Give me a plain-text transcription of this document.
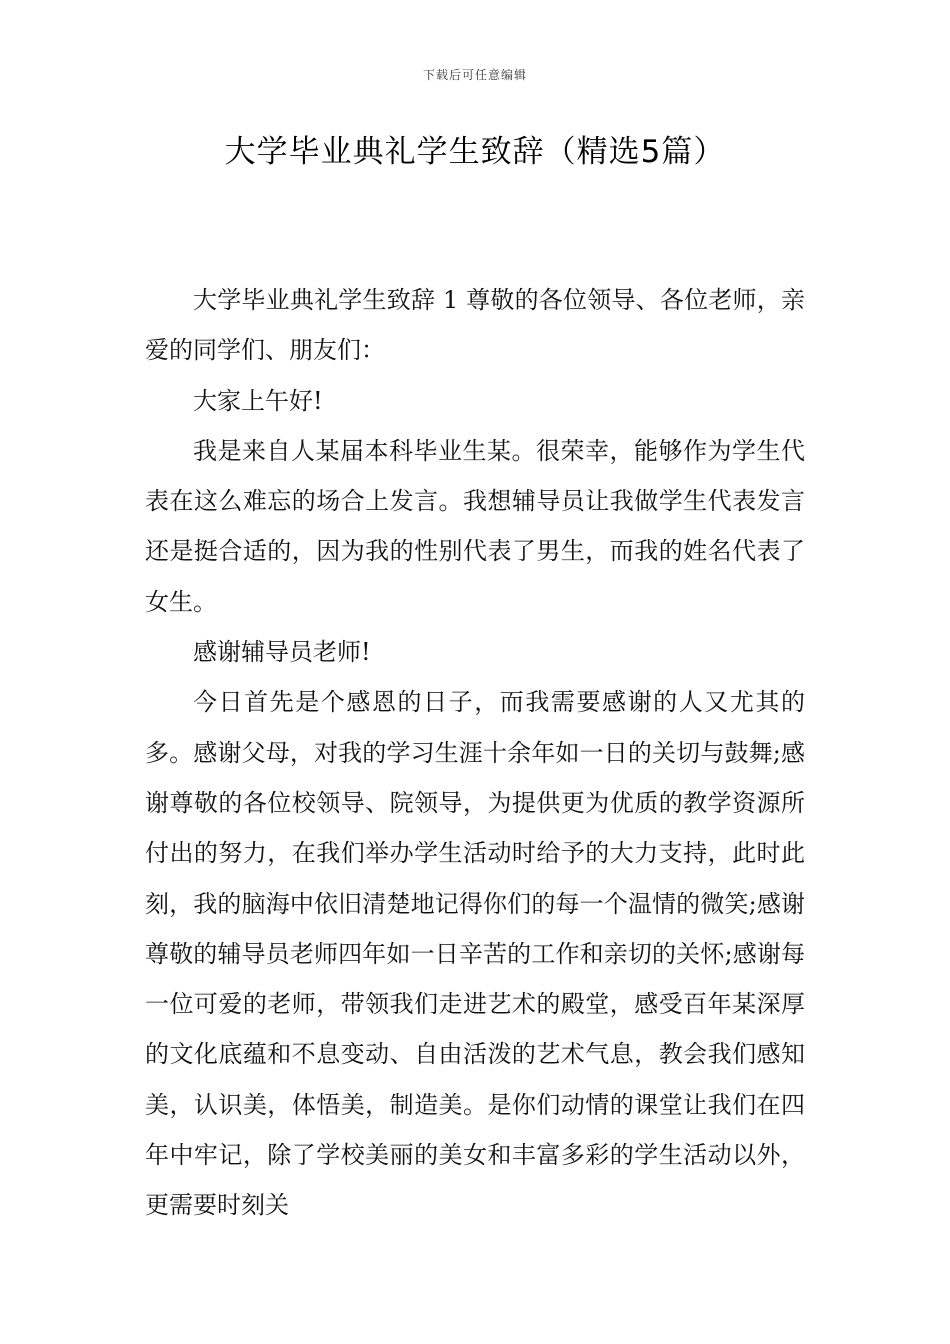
下载后可任意编辑
大学毕业典礼学生致辞（精选5篇）

大学毕业典礼学生致辞 1 尊敬的各位领导、各位老师，亲爱的同学们、朋友们：

大家上午好!

我是来自人某届本科毕业生某。很荣幸，能够作为学生代表在这么难忘的场合上发言。我想辅导员让我做学生代表发言还是挺合适的，因为我的性别代表了男生，而我的姓名代表了女生。

感谢辅导员老师!

今日首先是个感恩的日子，而我需要感谢的人又尤其的多。感谢父母，对我的学习生涯十余年如一日的关切与鼓舞;感谢尊敬的各位校领导、院领导，为提供更为优质的教学资源所付出的努力，在我们举办学生活动时给予的大力支持，此时此刻，我的脑海中依旧清楚地记得你们的每一个温情的微笑;感谢尊敬的辅导员老师四年如一日辛苦的工作和亲切的关怀;感谢每一位可爱的老师，带领我们走进艺术的殿堂，感受百年某深厚的文化底蕴和不息变动、自由活泼的艺术气息，教会我们感知美，认识美，体悟美，制造美。是你们动情的课堂让我们在四年中牢记，除了学校美丽的美女和丰富多彩的学生活动以外，更需要时刻关
